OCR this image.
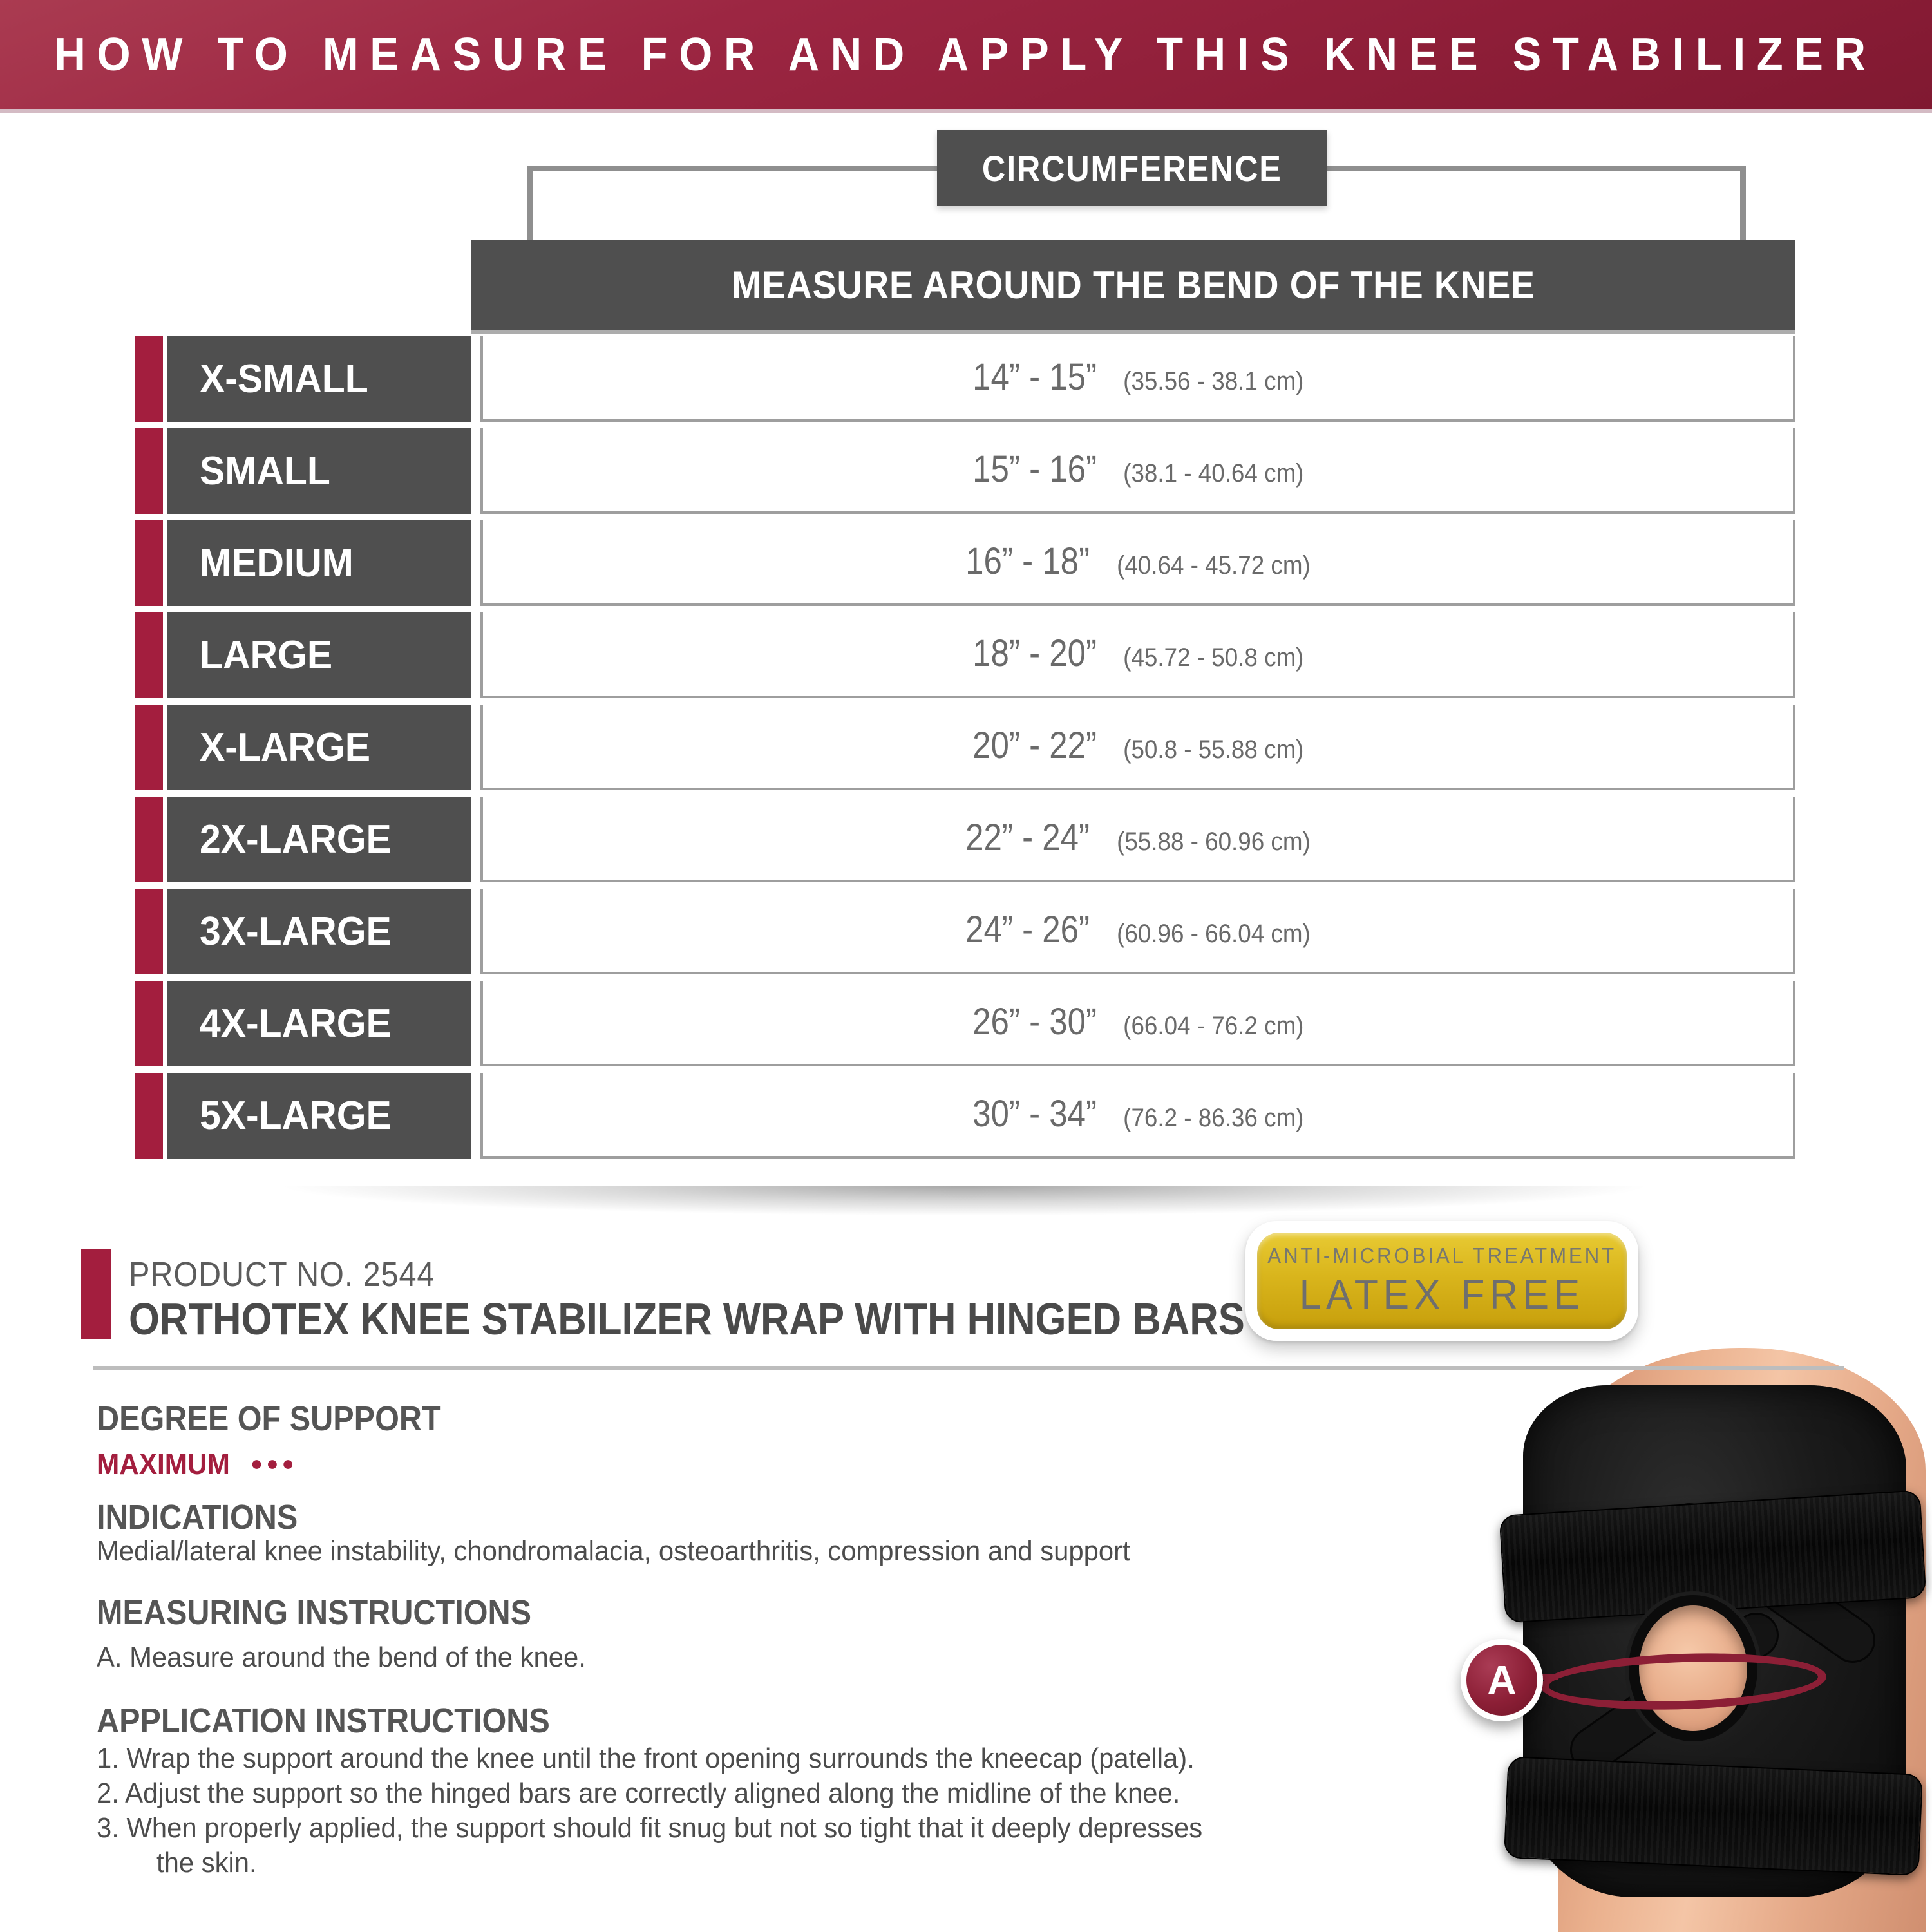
HOW TO MEASURE FOR AND APPLY THIS KNEE STABILIZER
CIRCUMFERENCE
MEASURE AROUND THE BEND OF THE KNEE
X-SMALL	14” - 15” (35.56 - 38.1 cm)
SMALL	15” - 16” (38.1 - 40.64 cm)
MEDIUM	16” - 18” (40.64 - 45.72 cm)
LARGE	18” - 20” (45.72 - 50.8 cm)
X-LARGE	20” - 22” (50.8 - 55.88 cm)
2X-LARGE	22” - 24” (55.88 - 60.96 cm)
3X-LARGE	24” - 26” (60.96 - 66.04 cm)
4X-LARGE	26” - 30” (66.04 - 76.2 cm)
5X-LARGE	30” - 34” (76.2 - 86.36 cm)
PRODUCT NO. 2544
ORTHOTEX KNEE STABILIZER WRAP WITH HINGED BARS
ANTI-MICROBIAL TREATMENT
LATEX FREE
DEGREE OF SUPPORT
MAXIMUM ●●●
INDICATIONS
Medial/lateral knee instability, chondromalacia, osteoarthritis, compression and support
MEASURING INSTRUCTIONS
A. Measure around the bend of the knee.
APPLICATION INSTRUCTIONS
1. Wrap the support around the knee until the front opening surrounds the kneecap (patella).
2. Adjust the support so the hinged bars are correctly aligned along the midline of the knee.
3. When properly applied, the support should fit snug but not so tight that it deeply depresses
the skin.
A
